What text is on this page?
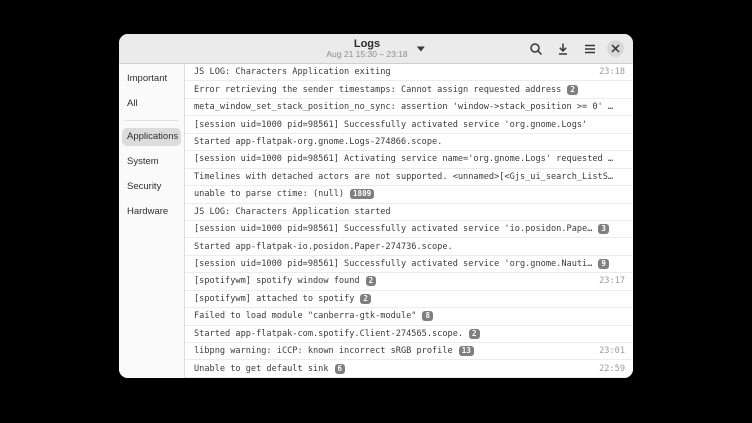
Logs
Aug 21 15:30 – 23:18
Important
All
Applications
System
Security
Hardware
JS LOG: Characters Application exiting	23:18
Error retrieving the sender timestamps: Cannot assign requested address	2
meta_window_set_stack_position_no_sync: assertion 'window->stack_position >= 0' …
[session uid=1000 pid=98561] Successfully activated service 'org.gnome.Logs'
Started app-flatpak-org.gnome.Logs-274866.scope.
[session uid=1000 pid=98561] Activating service name='org.gnome.Logs' requested …
Timelines with detached actors are not supported. <unnamed>[<Gjs_ui_search_ListS…
unable to parse ctime: (null)	1809
JS LOG: Characters Application started
[session uid=1000 pid=98561] Successfully activated service 'io.posidon.Pape…	3
Started app-flatpak-io.posidon.Paper-274736.scope.
[session uid=1000 pid=98561] Successfully activated service 'org.gnome.Nauti…	9
[spotifywm] spotify window found	2	23:17
[spotifywm] attached to spotify	2
Failed to load module "canberra-gtk-module"	8
Started app-flatpak-com.spotify.Client-274565.scope.	2
libpng warning: iCCP: known incorrect sRGB profile	13	23:01
Unable to get default sink	6	22:59
